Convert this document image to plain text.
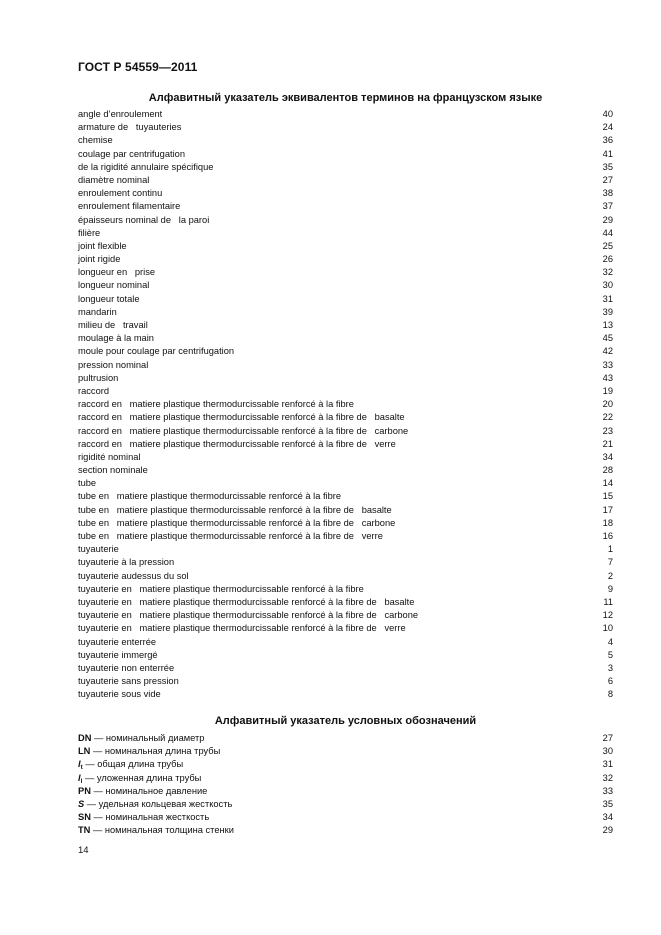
ГОСТ Р 54559—2011
Алфавитный указатель эквивалентов терминов на французском языке
angle d’enroulement	40
armature de   tuyauteries	24
chemise	36
coulage par centrifugation	41
de la rigidité annulaire spécifique	35
diamètre nominal	27
enroulement continu	38
enroulement filamentaire	37
épaisseurs nominal de   la paroi	29
filière	44
joint flexible	25
joint rigide	26
longueur en   prise	32
longueur nominal	30
longueur totale	31
mandarin	39
milieu de   travail	13
moulage à la main	45
moule pour coulage par centrifugation	42
pression nominal	33
pultrusion	43
raccord	19
raccord en   matiere plastique thermodurcissable renforcé à la fibre	20
raccord en   matiere plastique thermodurcissable renforcé à la fibre de   basalte	22
raccord en   matiere plastique thermodurcissable renforcé à la fibre de   carbone	23
raccord en   matiere plastique thermodurcissable renforcé à la fibre de   verre	21
rigidité nominal	34
section nominale	28
tube	14
tube en   matiere plastique thermodurcissable renforcé à la fibre	15
tube en   matiere plastique thermodurcissable renforcé à la fibre de   basalte	17
tube en   matiere plastique thermodurcissable renforcé à la fibre de   carbone	18
tube en   matiere plastique thermodurcissable renforcé à la fibre de   verre	16
tuyauterie	1
tuyauterie à la pression	7
tuyauterie audessus du sol	2
tuyauterie en   matiere plastique thermodurcissable renforcé à la fibre	9
tuyauterie en   matiere plastique thermodurcissable renforcé à la fibre de   basalte	11
tuyauterie en   matiere plastique thermodurcissable renforcé à la fibre de   carbone	12
tuyauterie en   matiere plastique thermodurcissable renforcé à la fibre de   verre	10
tuyauterie enterrée	4
tuyauterie immergé	5
tuyauterie non enterrée	3
tuyauterie sans pression	6
tuyauterie sous vide	8
Алфавитный указатель условных обозначений
DN — номинальный диаметр	27
LN — номинальная длина трубы	30
$l_t$ — общая длина трубы	31
$l_l$ — уложенная длина трубы	32
PN — номинальное давление	33
S — удельная кольцевая жесткость	35
SN — номинальная жесткость	34
TN — номинальная толщина стенки	29
14
